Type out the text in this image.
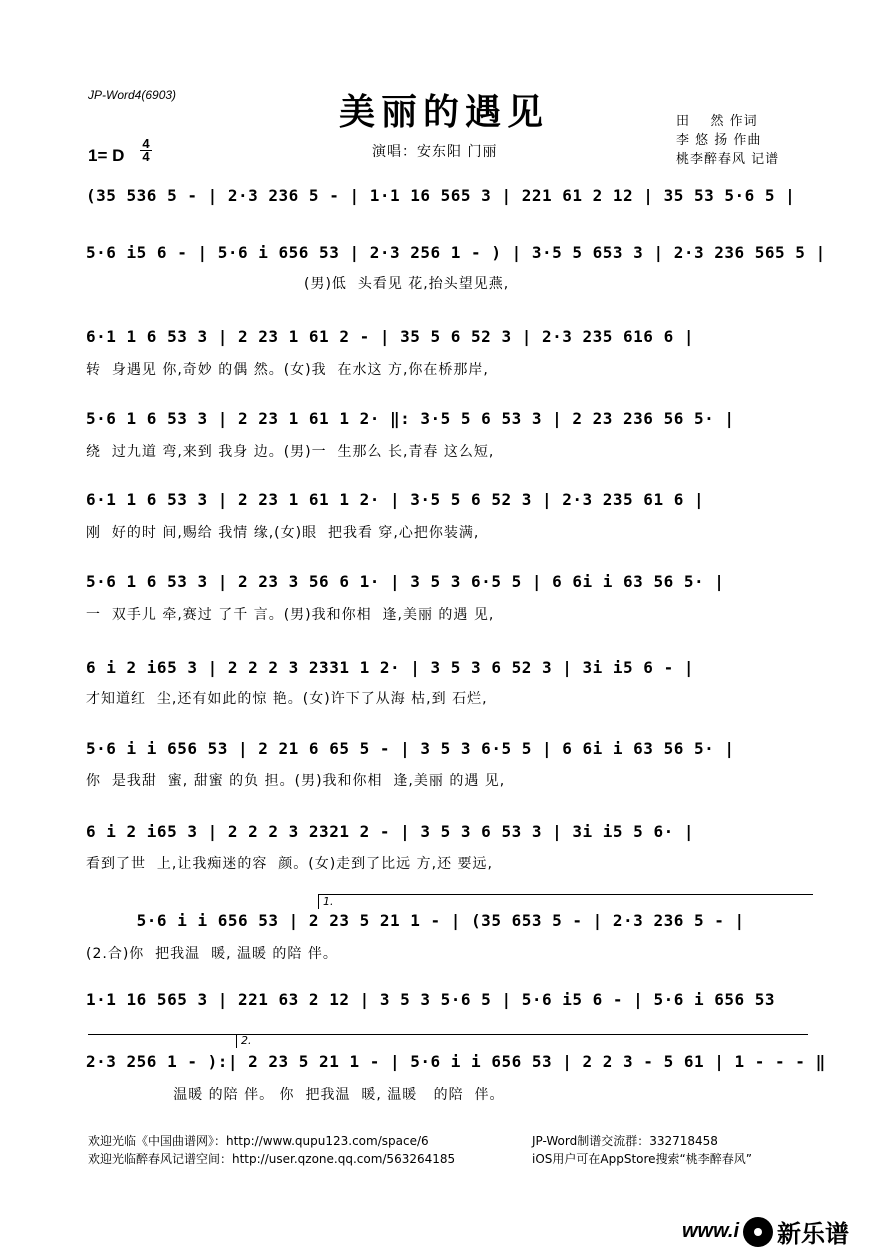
JP-Word4(6903)	美丽的遇见
1= D
4
4	演唱：安东阳 门丽
田    然 作词
李 悠 扬 作曲
桃李醉春风 记谱
(35 536 5 - | 2·3 236 5 - | 1·1 16 565 3 | 221 61 2 12 | 35 53 5·6 5 |
5·6 i5 6 - | 5·6 i 656 53 | 2·3 256 1 - ) | 3·5 5 653 3 | 2·3 236 565 5 |
(男)低  头看见 花,抬头望见燕,
6·1 1 6 53 3 | 2 23 1 61 2 - | 35 5 6 52 3 | 2·3 235 616 6 |
转  身遇见 你,奇妙 的偶 然。(女)我  在水这 方,你在桥那岸,
5·6 1 6 53 3 | 2 23 1 61 1 2· ‖: 3·5 5 6 53 3 | 2 23 236 56 5· |
绕  过九道 弯,来到 我身 边。(男)一  生那么 长,青春 这么短,
6·1 1 6 53 3 | 2 23 1 61 1 2· | 3·5 5 6 52 3 | 2·3 235 61 6 |
刚  好的时 间,赐给 我情 缘,(女)眼  把我看 穿,心把你装满,
5·6 1 6 53 3 | 2 23 3 56 6 1· | 3 5 3 6·5 5 | 6 6i i 63 56 5· |
一  双手儿 牵,赛过 了千 言。(男)我和你相  逢,美丽 的遇 见,
6 i 2 i65 3 | 2 2 2 3 2331 1 2· | 3 5 3 6 52 3 | 3i i5 6 - |
才知道红  尘,还有如此的惊 艳。(女)许下了从海 枯,到 石烂,
5·6 i i 656 53 | 2 21 6 65 5 - | 3 5 3 6·5 5 | 6 6i i 63 56 5· |
你  是我甜  蜜, 甜蜜 的负 担。(男)我和你相  逢,美丽 的遇 见,
6 i 2 i65 3 | 2 2 2 3 2321 2 - | 3 5 3 6 53 3 | 3i i5 5 6· |
看到了世  上,让我痴迷的容  颜。(女)走到了比远 方,还 要远,
1.
5·6 i i 656 53 | 2 23 5 21 1 - | (35 653 5 - | 2·3 236 5 - |
(2.合)你  把我温  暖, 温暖 的陪 伴。
1·1 16 565 3 | 221 63 2 12 | 3 5 3 5·6 5 | 5·6 i5 6 - | 5·6 i 656 53
2.
2·3 256 1 - ):| 2 23 5 21 1 - | 5·6 i i 656 53 | 2 2 3 - 5 61 | 1 - - - ‖
温暖 的陪 伴。 你  把我温  暖, 温暖   的陪  伴。
欢迎光临《中国曲谱网》：http://www.qupu123.com/space/6
欢迎光临醉春风记谱空间：http://user.qzone.qq.com/563264185
JP-Word制谱交流群：332718458
iOS用户可在AppStore搜索“桃李醉春风”
www.i 新乐谱
